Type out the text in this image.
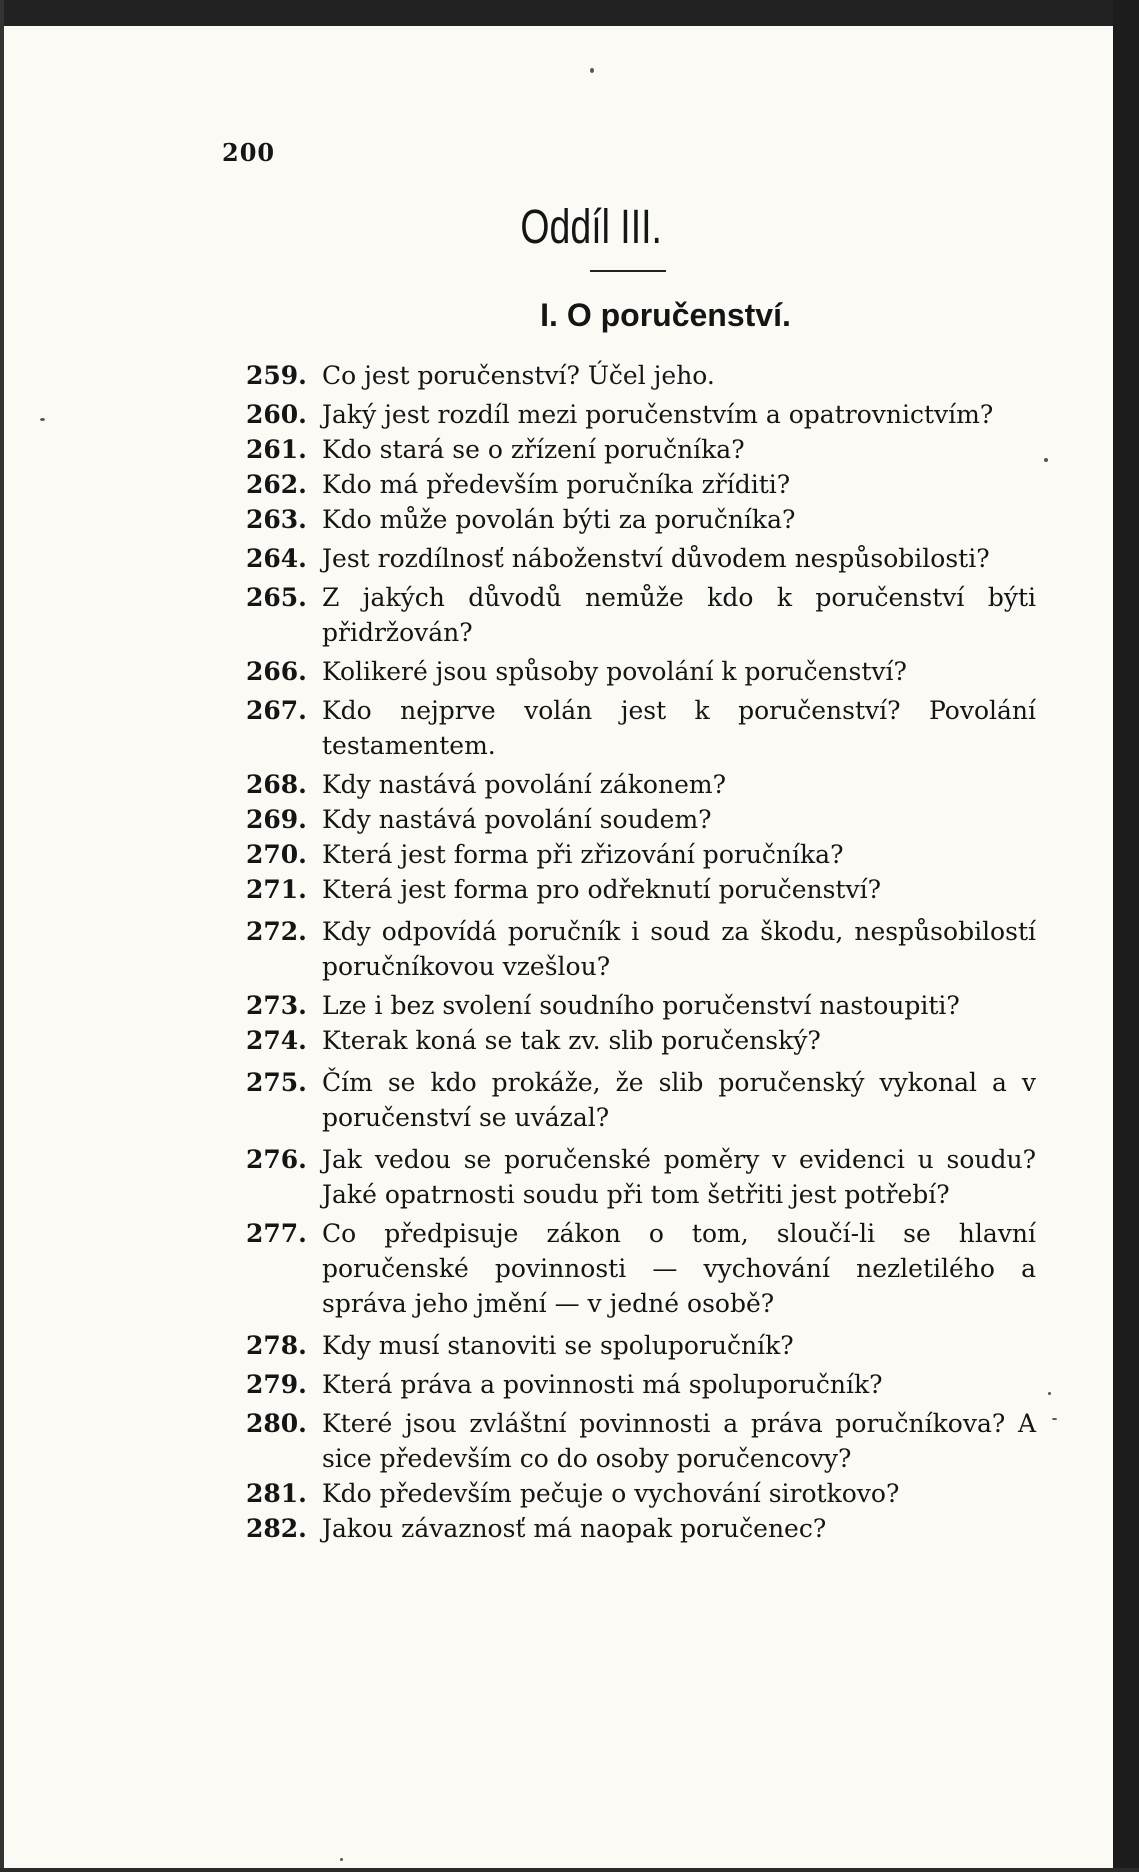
200
Oddíl III.
I. O poručenství.
259. Co jest poručenství? Účel jeho.
260. Jaký jest rozdíl mezi poručenstvím a opatrovnictvím?
261. Kdo stará se o zřízení poručníka?
262. Kdo má především poručníka zříditi?
263. Kdo může povolán býti za poručníka?
264. Jest rozdílnosť náboženství důvodem nespůsobilosti?
265. Z jakých důvodů nemůže kdo k poručenství býti přidržován?
266. Kolikeré jsou spůsoby povolání k poručenství?
267. Kdo nejprve volán jest k poručenství? Povolání testamentem.
268. Kdy nastává povolání zákonem?
269. Kdy nastává povolání soudem?
270. Která jest forma při zřizování poručníka?
271. Která jest forma pro odřeknutí poručenství?
272. Kdy odpovídá poručník i soud za škodu, nespůsobilostí poručníkovou vzešlou?
273. Lze i bez svolení soudního poručenství nastoupiti?
274. Kterak koná se tak zv. slib poručenský?
275. Čím se kdo prokáže, že slib poručenský vykonal a v poručenství se uvázal?
276. Jak vedou se poručenské poměry v evidenci u soudu? Jaké opatrnosti soudu při tom šetřiti jest potřebí?
277. Co předpisuje zákon o tom, sloučí-li se hlavní poručenské povinnosti — vychování nezletilého a správa jeho jmění — v jedné osobě?
278. Kdy musí stanoviti se spoluporučník?
279. Která práva a povinnosti má spoluporučník?
280. Které jsou zvláštní povinnosti a práva poručníkova? A sice především co do osoby poručencovy?
281. Kdo především pečuje o vychování sirotkovo?
282. Jakou závaznosť má naopak poručenec?
